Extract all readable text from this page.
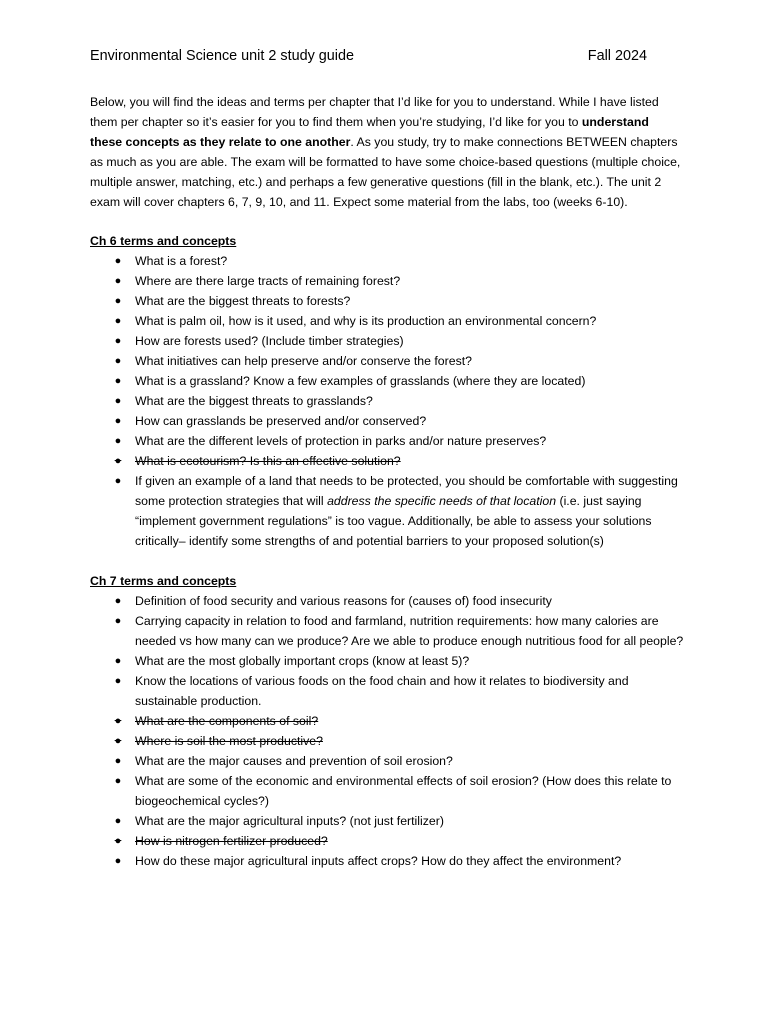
Environmental Science unit 2 study guide	Fall 2024

Below, you will find the ideas and terms per chapter that I’d like for you to understand. While I have listed them per chapter so it’s easier for you to find them when you’re studying, I’d like for you to understand these concepts as they relate to one another. As you study, try to make connections BETWEEN chapters as much as you are able. The exam will be formatted to have some choice-based questions (multiple choice, multiple answer, matching, etc.) and perhaps a few generative questions (fill in the blank, etc.). The unit 2 exam will cover chapters 6, 7, 9, 10, and 11. Expect some material from the labs, too (weeks 6-10).

Ch 6 terms and concepts
● What is a forest?
● Where are there large tracts of remaining forest?
● What are the biggest threats to forests?
● What is palm oil, how is it used, and why is its production an environmental concern?
● How are forests used? (Include timber strategies)
● What initiatives can help preserve and/or conserve the forest?
● What is a grassland? Know a few examples of grasslands (where they are located)
● What are the biggest threats to grasslands?
● How can grasslands be preserved and/or conserved?
● What are the different levels of protection in parks and/or nature preserves?
● What is ecotourism? Is this an effective solution?
● If given an example of a land that needs to be protected, you should be comfortable with suggesting some protection strategies that will address the specific needs of that location (i.e. just saying “implement government regulations” is too vague. Additionally, be able to assess your solutions critically– identify some strengths of and potential barriers to your proposed solution(s)
Ch 7 terms and concepts
● Definition of food security and various reasons for (causes of) food insecurity
● Carrying capacity in relation to food and farmland, nutrition requirements: how many calories are needed vs how many can we produce? Are we able to produce enough nutritious food for all people?
● What are the most globally important crops (know at least 5)?
● Know the locations of various foods on the food chain and how it relates to biodiversity and sustainable production.
● What are the components of soil?
● Where is soil the most productive?
● What are the major causes and prevention of soil erosion?
● What are some of the economic and environmental effects of soil erosion? (How does this relate to biogeochemical cycles?)
● What are the major agricultural inputs? (not just fertilizer)
● How is nitrogen fertilizer produced?
● How do these major agricultural inputs affect crops? How do they affect the environment?
